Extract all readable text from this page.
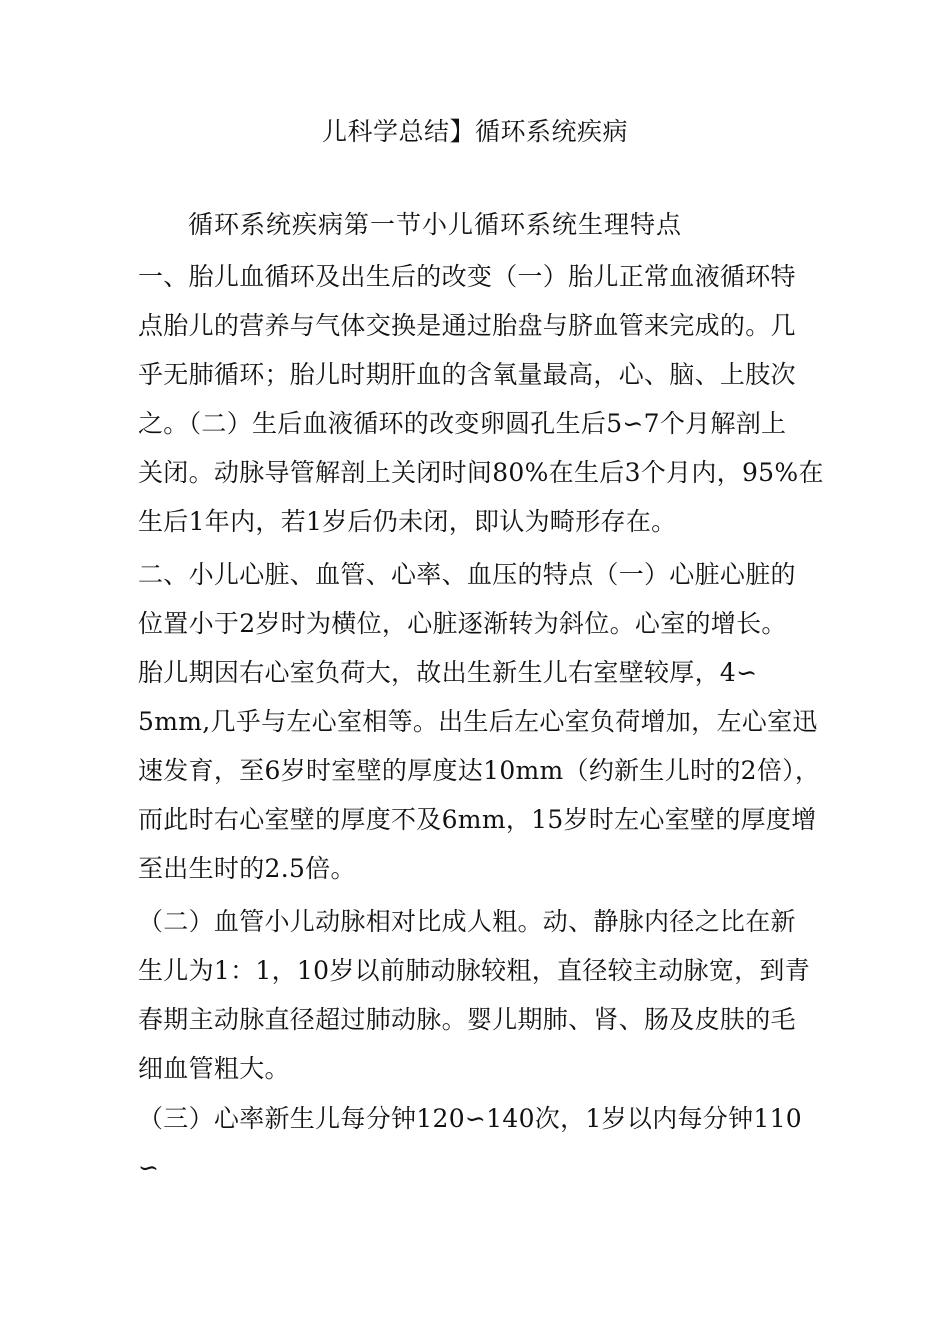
儿科学总结】循环系统疾病
循环系统疾病第一节小儿循环系统生理特点
一、胎儿血循环及出生后的改变（一）胎儿正常血液循环特
点胎儿的营养与气体交换是通过胎盘与脐血管来完成的。几
乎无肺循环；胎儿时期肝血的含氧量最高，心、脑、上肢次
之。（二）生后血液循环的改变卵圆孔生后5∽7个月解剖上
关闭。动脉导管解剖上关闭时间80%在生后3个月内，95%在
生后1年内，若1岁后仍未闭，即认为畸形存在。
二、小儿心脏、血管、心率、血压的特点（一）心脏心脏的
位置小于2岁时为横位，心脏逐渐转为斜位。心室的增长。
胎儿期因右心室负荷大，故出生新生儿右室壁较厚，4∽
5mm,几乎与左心室相等。出生后左心室负荷增加，左心室迅
速发育，至6岁时室壁的厚度达10mm（约新生儿时的2倍），
而此时右心室壁的厚度不及6mm，15岁时左心室壁的厚度增
至出生时的2.5倍。
（二）血管小儿动脉相对比成人粗。动、静脉内径之比在新
生儿为1：1，10岁以前肺动脉较粗，直径较主动脉宽，到青
春期主动脉直径超过肺动脉。婴儿期肺、肾、肠及皮肤的毛
细血管粗大。
（三）心率新生儿每分钟120∽140次，1岁以内每分钟110
∽
